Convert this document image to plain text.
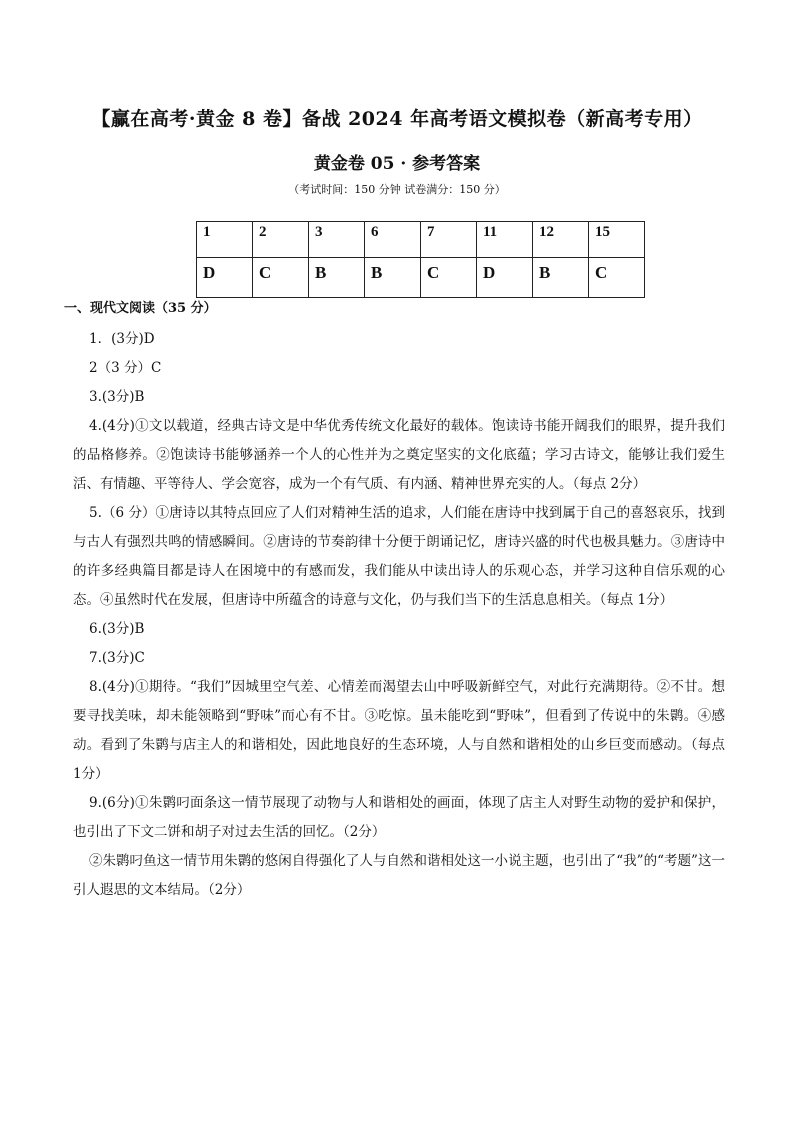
【赢在高考·黄金 8 卷】备战 2024 年高考语文模拟卷（新高考专用）
黄金卷 05 · 参考答案
（考试时间：150 分钟 试卷满分：150 分）
1	2	3	6	7	11	12	15
D	C	B	B	C	D	B	C
一、现代文阅读（35 分）

1．(3分)D

2（3 分）C

3.(3分)B

4.(4分)①文以载道，经典古诗文是中华优秀传统文化最好的载体。饱读诗书能开阔我们的眼界，提升我们的品格修养。②饱读诗书能够涵养一个人的心性并为之奠定坚实的文化底蕴；学习古诗文，能够让我们爱生活、有情趣、平等待人、学会宽容，成为一个有气质、有内涵、精神世界充实的人。（每点 2分）

5.（6 分）①唐诗以其特点回应了人们对精神生活的追求，人们能在唐诗中找到属于自己的喜怒哀乐，找到与古人有强烈共鸣的情感瞬间。②唐诗的节奏韵律十分便于朗诵记忆，唐诗兴盛的时代也极具魅力。③唐诗中的许多经典篇目都是诗人在困境中的有感而发，我们能从中读出诗人的乐观心态，并学习这种自信乐观的心态。④虽然时代在发展，但唐诗中所蕴含的诗意与文化，仍与我们当下的生活息息相关。（每点 1分）

6.(3分)B

7.(3分)C

8.(4分)①期待。“我们”因城里空气差、心情差而渴望去山中呼吸新鲜空气，对此行充满期待。②不甘。想要寻找美味，却未能领略到“野味”而心有不甘。③吃惊。虽未能吃到“野味”，但看到了传说中的朱鹮。④感动。看到了朱鹮与店主人的和谐相处，因此地良好的生态环境，人与自然和谐相处的山乡巨变而感动。（每点 1分）

9.(6分)①朱鹮叼面条这一情节展现了动物与人和谐相处的画面，体现了店主人对野生动物的爱护和保护，也引出了下文二饼和胡子对过去生活的回忆。（2分）

②朱鹮叼鱼这一情节用朱鹮的悠闲自得强化了人与自然和谐相处这一小说主题，也引出了“我”的“考题”这一引人遐思的文本结局。（2分）
